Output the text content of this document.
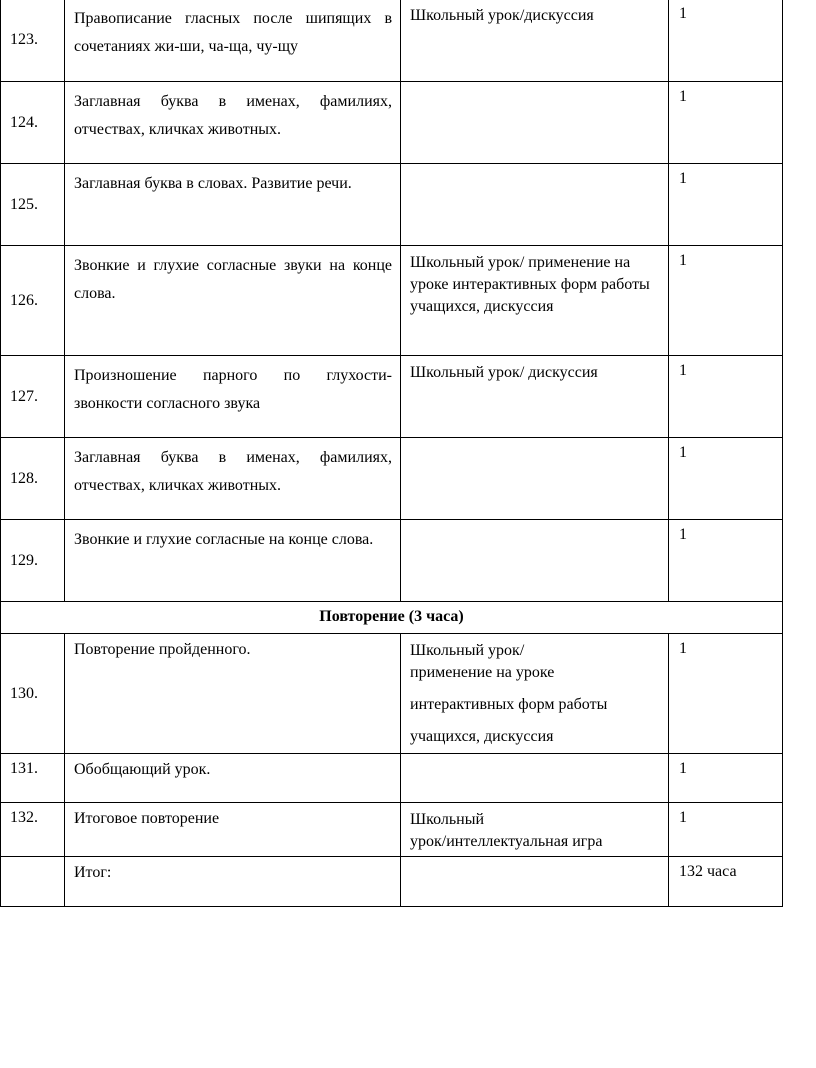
123.	Правописание гласных после шипящих в сочетаниях жи-ши, ча-ща, чу-щу	Школьный урок/дискуссия	1
124.	Заглавная буква в именах, фамилиях, отчествах, кличках животных.		1
125.	Заглавная буква в словах. Развитие речи.		1
126.	Звонкие и глухие согласные звуки на конце слова.	Школьный урок/ применение на уроке интерактивных форм работы учащихся, дискуссия	1
127.	Произношение парного по глухости-звонкости согласного звука	Школьный урок/ дискуссия	1
128.	Заглавная буква в именах, фамилиях, отчествах, кличках животных.		1
129.	Звонкие и глухие согласные на конце слова.		1
Повторение (3 часа)			
130.	Повторение пройденного.	Школьный урок/
применение на уроке
интерактивных форм работы
учащихся, дискуссия	1
131.	Обобщающий урок.		1
132.	Итоговое повторение	Школьный
урок/интеллектуальная игра	1
	Итог:		132 часа
